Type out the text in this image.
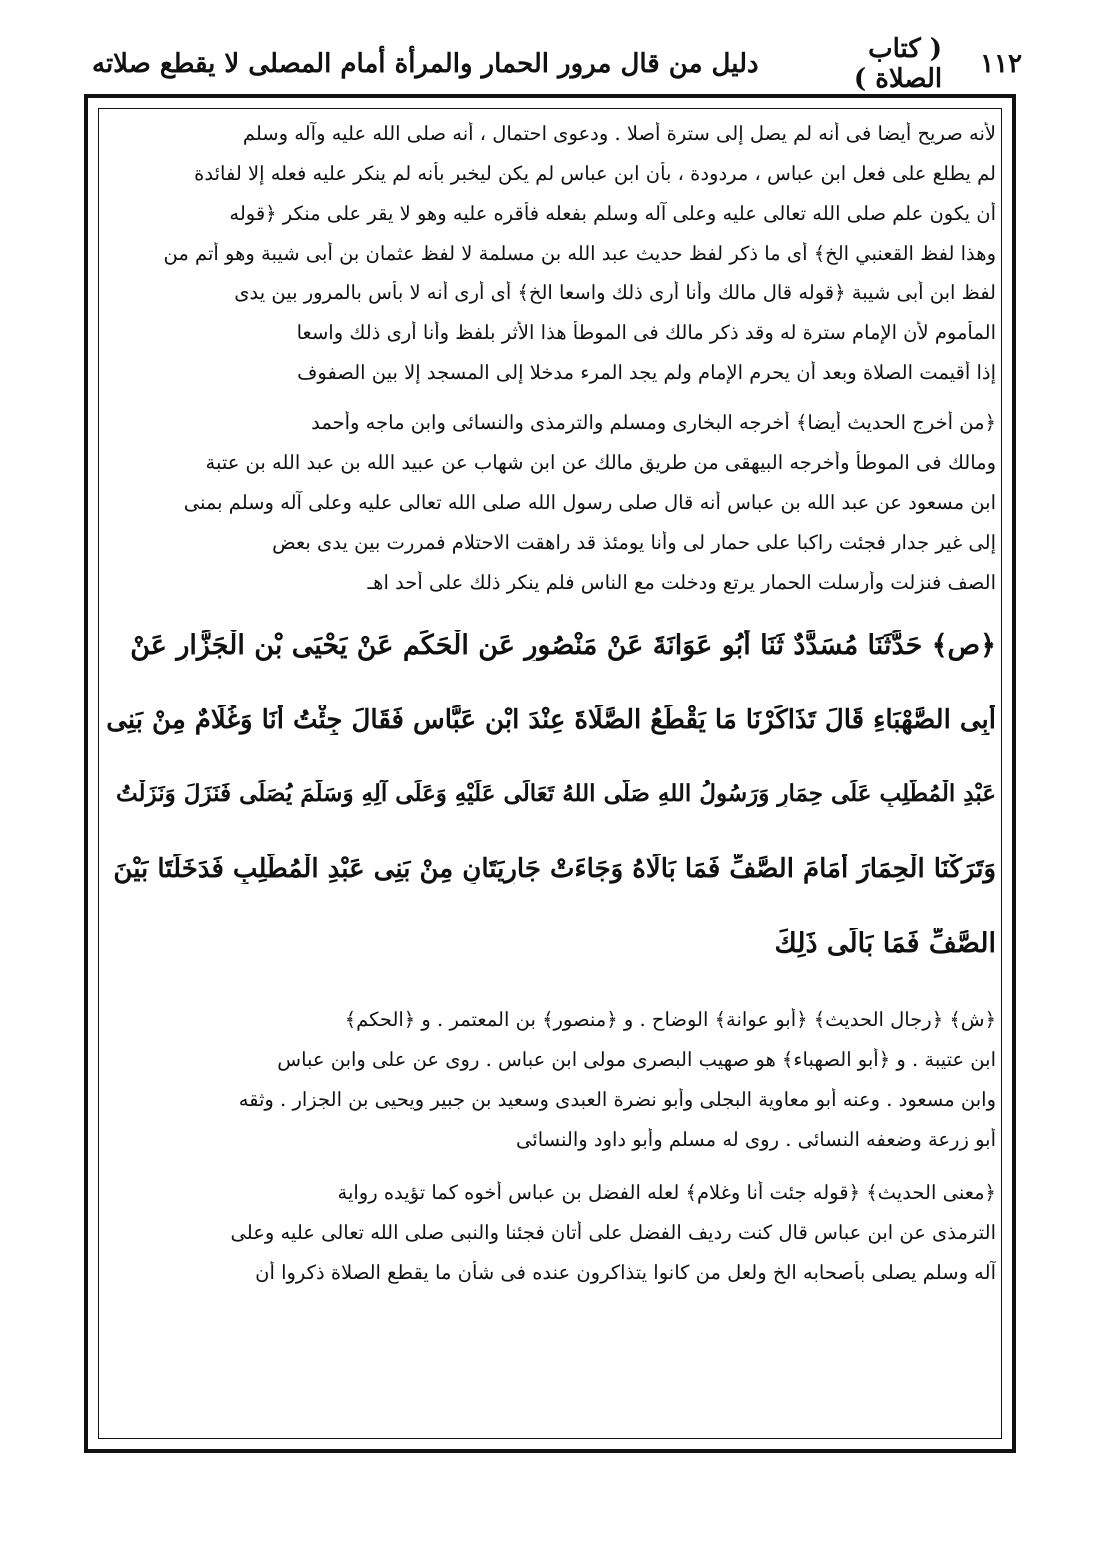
١١٢
( كتاب الصلاة )
دليل من قال مرور الحمار والمرأة أمام المصلى لا يقطع صلاته
لأنه صريح أيضا فى أنه لم يصل إلى سترة أصلا . ودعوى احتمال ، أنه صلى الله عليه وآله وسلم
لم يطلع على فعل ابن عباس ، مردودة ، بأن ابن عباس لم يكن ليخبر بأنه لم ينكر عليه فعله إلا لفائدة
أن يكون علم صلى الله تعالى عليه وعلى آله وسلم بفعله فأقره عليه وهو لا يقر على منكر ﴿قوله
وهذا لفظ القعنبي الخ﴾ أى ما ذكر لفظ حديث عبد الله بن مسلمة لا لفظ عثمان بن أبى شيبة وهو أتم من
لفظ ابن أبى شيبة ﴿قوله قال مالك وأنا أرى ذلك واسعا الخ﴾ أى أرى أنه لا بأس بالمرور بين يدى
المأموم لأن الإمام سترة له وقد ذكر مالك فى الموطأ هذا الأثر بلفظ وأنا أرى ذلك واسعا
إذا أقيمت الصلاة وبعد أن يحرم الإمام ولم يجد المرء مدخلا إلى المسجد إلا بين الصفوف
﴿من أخرج الحديث أيضا﴾ أخرجه البخارى ومسلم والترمذى والنسائى وابن ماجه وأحمد
ومالك فى الموطأ وأخرجه البيهقى من طريق مالك عن ابن شهاب عن عبيد الله بن عبد الله بن عتبة
ابن مسعود عن عبد الله بن عباس أنه قال صلى رسول الله صلى الله تعالى عليه وعلى آله وسلم بمنى
إلى غير جدار فجئت راكبا على حمار لى وأنا يومئذ قد راهقت الاحتلام فمررت بين يدى بعض
الصف فنزلت وأرسلت الحمار يرتع ودخلت مع الناس فلم ينكر ذلك على أحد اهـ
﴿ص﴾ حَدَّثَنَا مُسَدَّدٌ ثَنَا أَبُو عَوَانَةَ عَنْ مَنْصُورٍ عَنِ الْحَكَمِ عَنْ يَحْيَى بْنِ الْجَزَّارِ عَنْ
أَبِى الصَّهْبَاءِ قَالَ تَذَاكَرْنَا مَا يَقْطَعُ الصَّلَاةَ عِنْدَ ابْنِ عَبَّاسٍ فَقَالَ جِئْتُ أَنَا وَغُلَامٌ مِنْ بَنِى
عَبْدِ الْمُطَّلِبِ عَلَى حِمَارٍ وَرَسُولُ اللهِ صَلَّى اللهُ تَعَالَى عَلَيْهِ وَعَلَى آلِهِ وَسَلَّمَ يُصَلِّى فَنَزَلَ وَنَزَلْتُ
وَتَرَكْنَا الْحِمَارَ أَمَامَ الصَّفِّ فَمَا بَالَاهُ وَجَاءَتْ جَارِيَتَانِ مِنْ بَنِى عَبْدِ الْمُطَّلِبِ فَدَخَلَتَا بَيْنَ
الصَّفِّ فَمَا بَالَى ذَلِكَ
﴿ش﴾ ﴿رجال الحديث﴾ ﴿أبو عوانة﴾ الوضاح . و ﴿منصور﴾ بن المعتمر . و ﴿الحكم﴾
ابن عتيبة . و ﴿أبو الصهباء﴾ هو صهيب البصرى مولى ابن عباس . روى عن على وابن عباس
وابن مسعود . وعنه أبو معاوية البجلى وأبو نضرة العبدى وسعيد بن جبير ويحيى بن الجزار . وثقه
أبو زرعة وضعفه النسائى . روى له مسلم وأبو داود والنسائى
﴿معنى الحديث﴾ ﴿قوله جئت أنا وغلام﴾ لعله الفضل بن عباس أخوه كما تؤيده رواية
الترمذى عن ابن عباس قال كنت رديف الفضل على أتان فجئنا والنبى صلى الله تعالى عليه وعلى
آله وسلم يصلى بأصحابه الخ ولعل من كانوا يتذاكرون عنده فى شأن ما يقطع الصلاة ذكروا أن
